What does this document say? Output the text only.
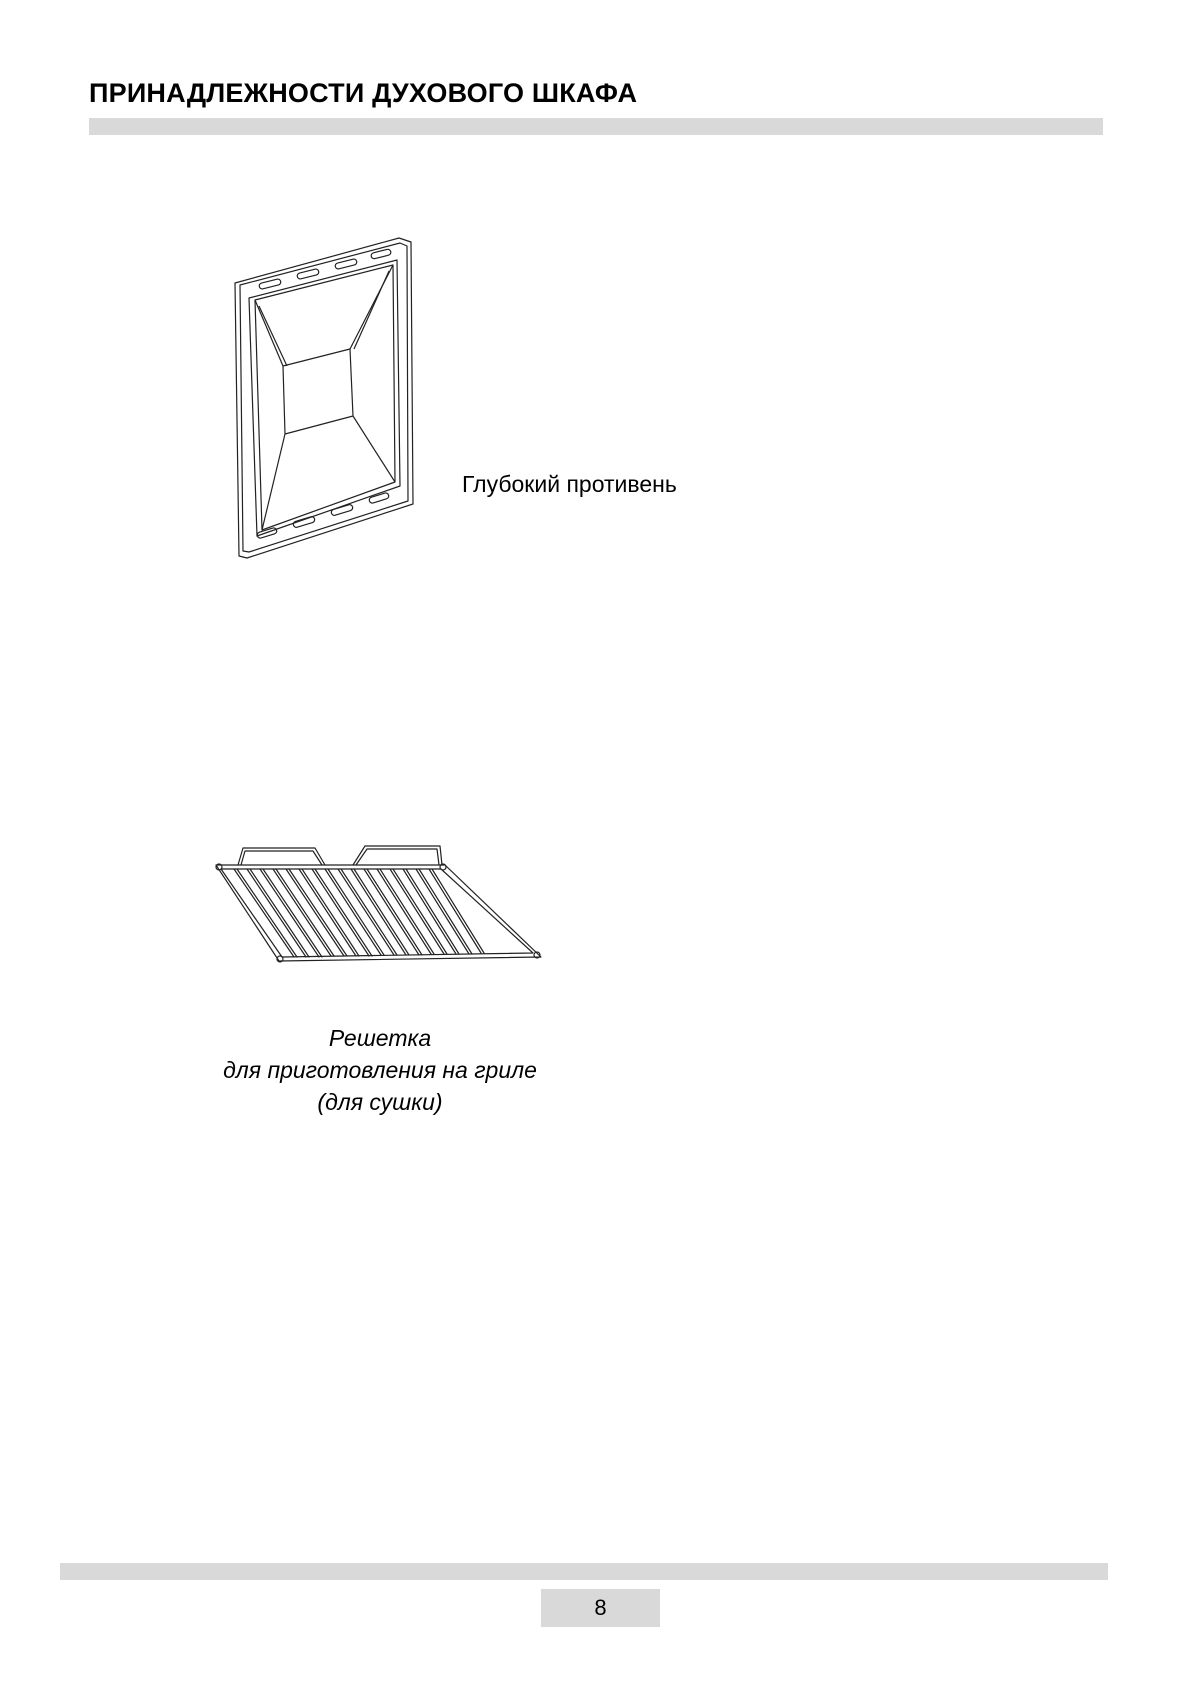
ПРИНАДЛЕЖНОСТИ ДУХОВОГО ШКАФА
Глубокий противень
Решетка
для приготовления на гриле
(для сушки)
8
